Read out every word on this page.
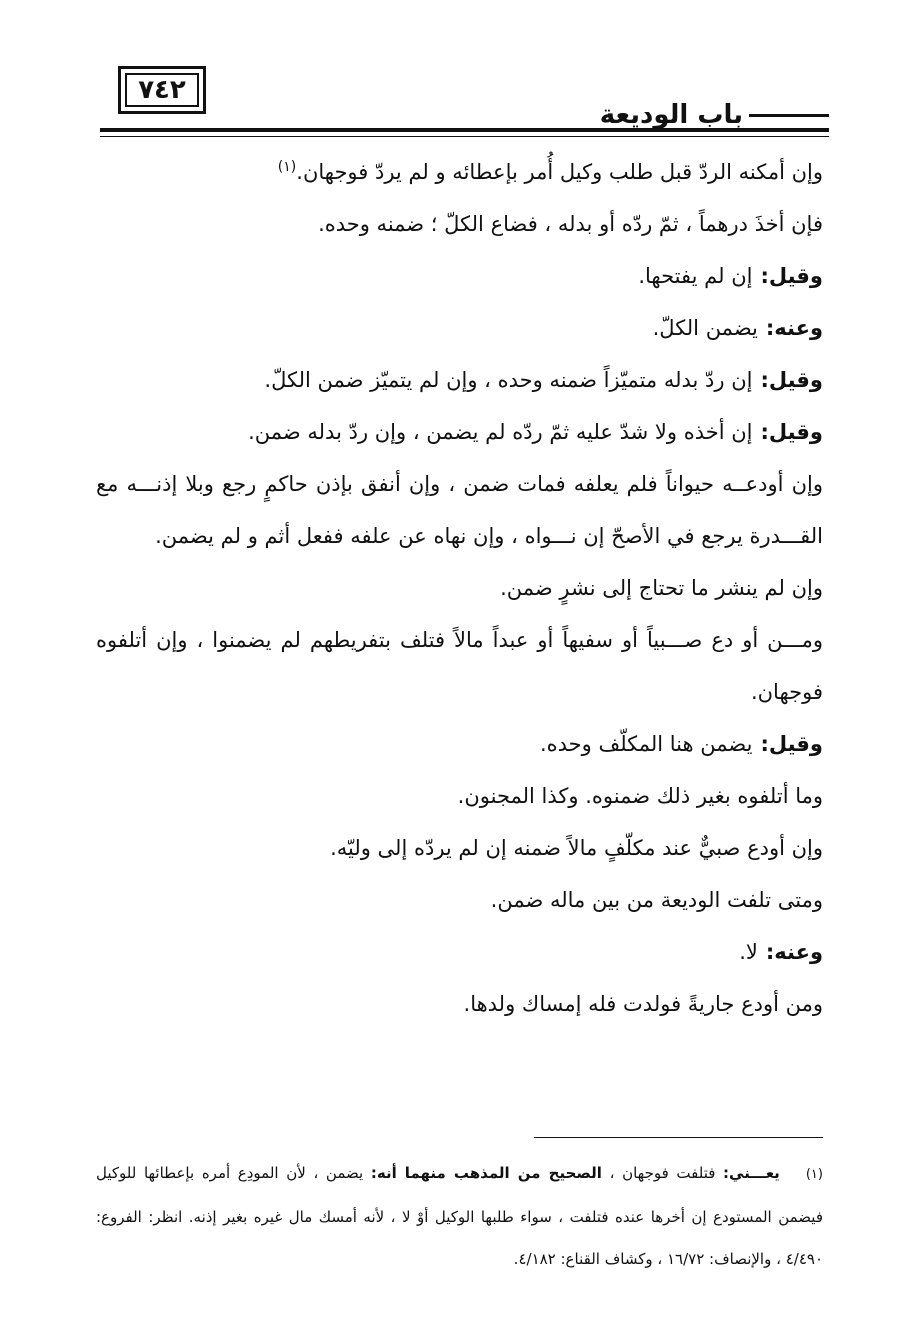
٧٤٢
باب الوديعة

وإن أمكنه الردّ قبل طلب وكيل أُمر بإعطائه و لم يردّ فوجهان.$^{(١)}$

فإن أخذَ درهماً ، ثمّ ردّه أو بدله ، فضاع الكلّ ؛ ضمنه وحده.

وقيل:إن لم يفتحها.

وعنه:يضمن الكلّ.

وقيل:إن ردّ بدله متميّزاً ضمنه وحده ، وإن لم يتميّز ضمن الكلّ.

وقيل:إن أخذه ولا شدّ عليه ثمّ ردّه لم يضمن ، وإن ردّ بدله ضمن.

وإن أودعــه حيواناً فلم يعلفه فمات ضمن ، وإن أنفق بإذن حاكمٍ رجع وبلا إذنـــه مع القـــدرة يرجع في الأصحّ إن نـــواه ، وإن نهاه عن علفه ففعل أثم و لم يضمن.

وإن لم ينشر ما تحتاج إلى نشرٍ ضمن.

ومـــن أو دع صـــبياً أو سفيهاً أو عبداً مالاً فتلف بتفريطهم لم يضمنوا ، وإن أتلفوه فوجهان.

وقيل:يضمن هنا المكلّف وحده.

وما أتلفوه بغير ذلك ضمنوه. وكذا المجنون.

وإن أودع صبيٌّ عند مكلّفٍ مالاً ضمنه إن لم يردّه إلى وليّه.

ومتى تلفت الوديعة من بين ماله ضمن.

وعنه:لا.

ومن أودع جاريةً فولدت فله إمساك ولدها.

(١)يعـــني: فتلفت فوجهان ، الصحيح من المذهب منهما أنه: يضمن ، لأن المودِع أمره بإعطائها للوكيل فيضمن المستودع إن أخرها عنده فتلفت ، سواء طلبها الوكيل أوْ لا ، لأنه أمسك مال غيره بغير إذنه. انظر: الفروع: ٤/٤٩٠ ، والإنصاف: ١٦/٧٢ ، وكشاف القناع: ٤/١٨٢.
